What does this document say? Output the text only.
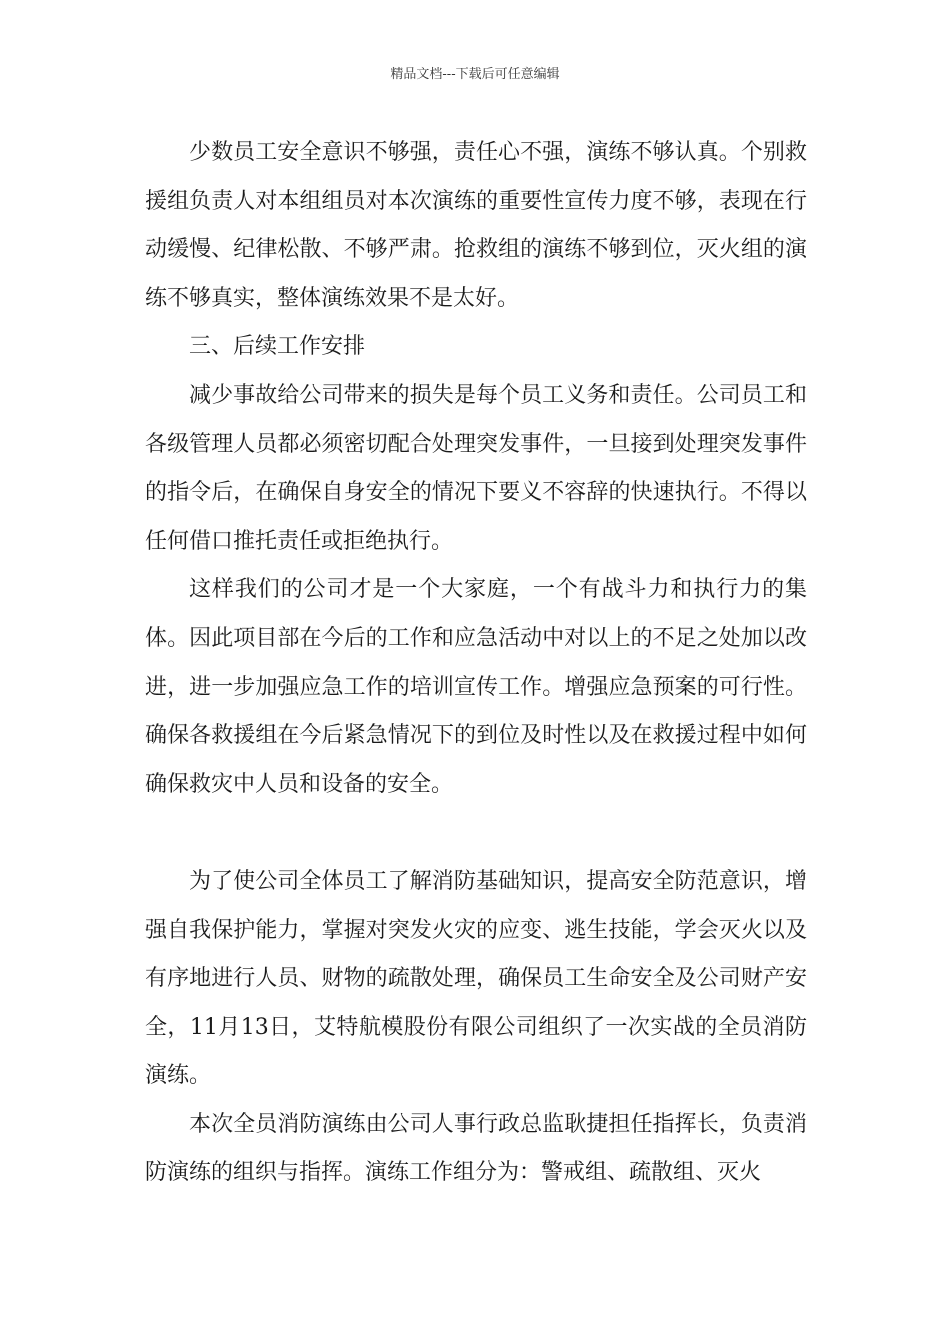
精品文档---下载后可任意编辑

少数员工安全意识不够强，责任心不强，演练不够认真。个别救援组负责人对本组组员对本次演练的重要性宣传力度不够，表现在行动缓慢、纪律松散、不够严肃。抢救组的演练不够到位，灭火组的演练不够真实，整体演练效果不是太好。

三、后续工作安排

减少事故给公司带来的损失是每个员工义务和责任。公司员工和各级管理人员都必须密切配合处理突发事件，一旦接到处理突发事件的指令后，在确保自身安全的情况下要义不容辞的快速执行。不得以任何借口推托责任或拒绝执行。

这样我们的公司才是一个大家庭，一个有战斗力和执行力的集体。因此项目部在今后的工作和应急活动中对以上的不足之处加以改进，进一步加强应急工作的培训宣传工作。增强应急预案的可行性。确保各救援组在今后紧急情况下的到位及时性以及在救援过程中如何确保救灾中人员和设备的安全。

为了使公司全体员工了解消防基础知识，提高安全防范意识，增强自我保护能力，掌握对突发火灾的应变、逃生技能，学会灭火以及有序地进行人员、财物的疏散处理，确保员工生命安全及公司财产安全，11月13日，艾特航模股份有限公司组织了一次实战的全员消防演练。

本次全员消防演练由公司人事行政总监耿捷担任指挥长，负责消防演练的组织与指挥。演练工作组分为：警戒组、疏散组、灭火
